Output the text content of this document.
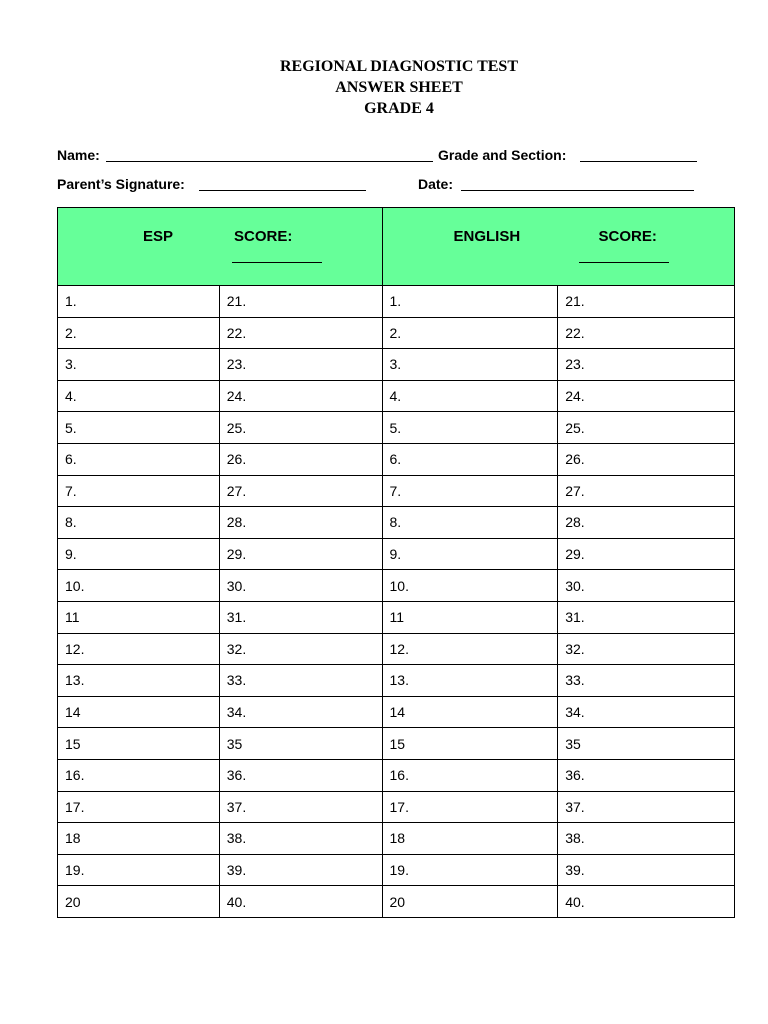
REGIONAL DIAGNOSTIC TEST
ANSWER SHEET
GRADE 4
Name:	Grade and Section:
Parent’s Signature:	Date:
ESP SCORE:		ENGLISH SCORE:	

1.	21.	1.	21.
2.	22.	2.	22.
3.	23.	3.	23.
4.	24.	4.	24.
5.	25.	5.	25.
6.	26.	6.	26.
7.	27.	7.	27.
8.	28.	8.	28.
9.	29.	9.	29.
10.	30.	10.	30.
11	31.	11	31.
12.	32.	12.	32.
13.	33.	13.	33.
14	34.	14	34.
15	35	15	35
16.	36.	16.	36.
17.	37.	17.	37.
18	38.	18	38.
19.	39.	19.	39.
20	40.	20	40.
